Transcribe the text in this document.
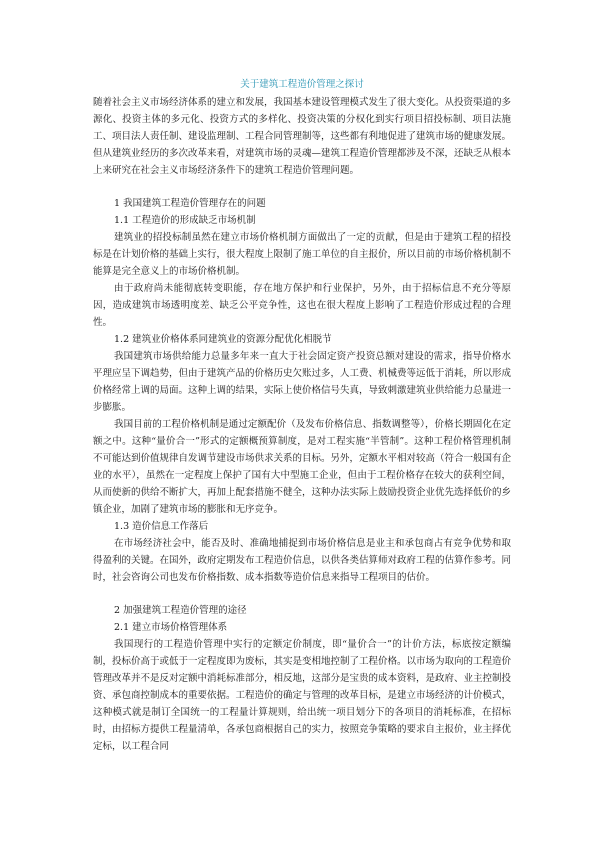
关于建筑工程造价管理之探讨

随着社会主义市场经济体系的建立和发展，我国基本建设管理模式发生了很大变化。从投资渠道的多源化、投资主体的多元化、投资方式的多样化、投资决策的分权化到实行项目招投标制、项目法施工、项目法人责任制、建设监理制、工程合同管理制等，这些都有利地促进了建筑市场的健康发展。但从建筑业经历的多次改革来看，对建筑市场的灵魂—建筑工程造价管理都涉及不深，还缺乏从根本上来研究在社会主义市场经济条件下的建筑工程造价管理问题。

1 我国建筑工程造价管理存在的问题

1.1 工程造价的形成缺乏市场机制

建筑业的招投标制虽然在建立市场价格机制方面做出了一定的贡献，但是由于建筑工程的招投标是在计划价格的基础上实行，很大程度上限制了施工单位的自主报价，所以目前的市场价格机制不能算是完全意义上的市场价格机制。

由于政府尚未能彻底转变职能，存在地方保护和行业保护，另外，由于招标信息不充分等原因，造成建筑市场透明度差、缺乏公平竞争性，这也在很大程度上影响了工程造价形成过程的合理性。

1.2 建筑业价格体系同建筑业的资源分配优化相脱节

我国建筑市场供给能力总量多年来一直大于社会固定资产投资总额对建设的需求，指导价格水平理应呈下调趋势，但由于建筑产品的价格历史欠账过多，人工费、机械费等远低于消耗，所以形成价格经常上调的局面。这种上调的结果，实际上使价格信号失真，导致刺激建筑业供给能力总量进一步膨胀。

我国目前的工程价格机制是通过定额配价（及发布价格信息、指数调整等），价格长期固化在定额之中。这种“量价合一”形式的定额概预算制度，是对工程实施“半管制”。这种工程价格管理机制不可能达到价值规律自发调节建设市场供求关系的目标。另外，定额水平相对较高（符合一般国有企业的水平），虽然在一定程度上保护了国有大中型施工企业，但由于工程价格存在较大的获利空间，从而使新的供给不断扩大，再加上配套措施不健全，这种办法实际上鼓励投资企业优先选择低价的乡镇企业，加剧了建筑市场的膨胀和无序竞争。

1.3 造价信息工作落后

在市场经济社会中，能否及时、准确地捕捉到市场价格信息是业主和承包商占有竞争优势和取得盈利的关键。在国外，政府定期发布工程造价信息，以供各类估算师对政府工程的估算作参考。同时，社会咨询公司也发布价格指数、成本指数等造价信息来指导工程项目的估价。

2 加强建筑工程造价管理的途径

2.1 建立市场价格管理体系

我国现行的工程造价管理中实行的定额定价制度，即“量价合一”的计价方法，标底按定额编制，投标价高于或低于一定程度即为废标，其实是变相地控制了工程价格。以市场为取向的工程造价管理改革并不是反对定额中消耗标准部分，相反地，这部分是宝贵的成本资料，是政府、业主控制投资、承包商控制成本的重要依据。工程造价的确定与管理的改革目标，是建立市场经济的计价模式，这种模式就是制订全国统一的工程量计算规则，给出统一项目划分下的各项目的消耗标准，在招标时，由招标方提供工程量清单，各承包商根据自己的实力，按照竞争策略的要求自主报价，业主择优定标，以工程合同
